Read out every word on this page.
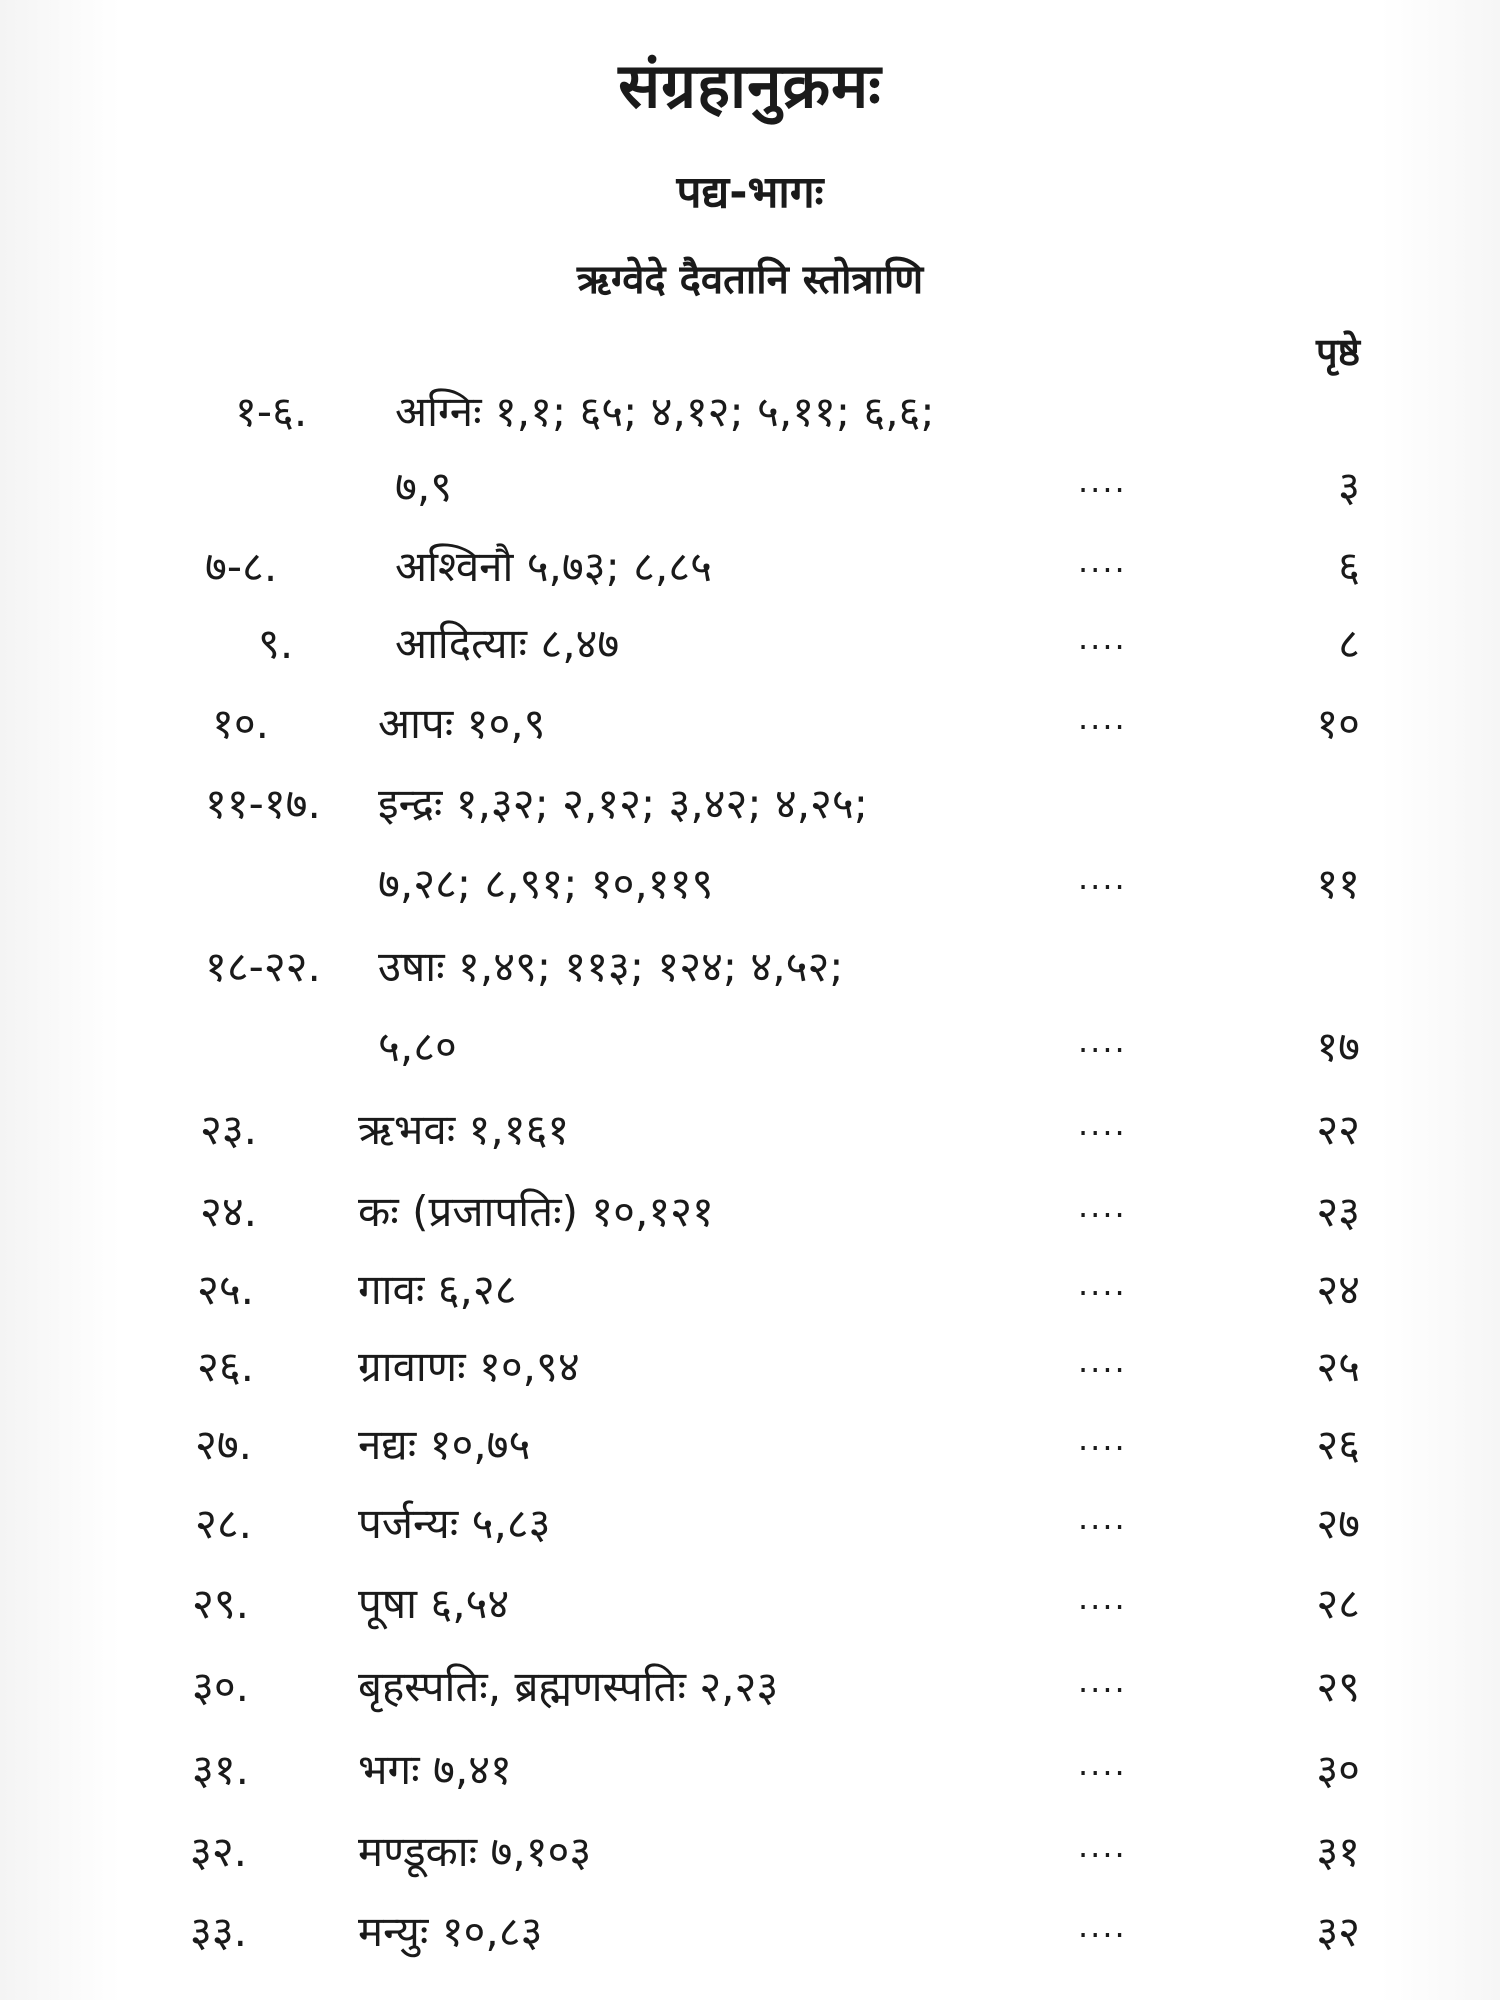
संग्रहानुक्रमः
पद्य-भागः
ऋग्वेदे दैवतानि स्तोत्राणि
पृष्ठे
१-६. अग्निः १,१; ६५; ४,१२; ५,११; ६,६;
७,९	....	३
७-८.	अश्विनौ ५,७३; ८,८५	....	६
९. आदित्याः ८,४७	....	८
१०.	आपः १०,९	....	१०
११-१७. इन्द्रः १,३२; २,१२; ३,४२; ४,२५;
७,२८; ८,९१; १०,११९	....	११
१८-२२. उषाः १,४९; ११३; १२४; ४,५२;
५,८०	....	१७
२३. ऋभवः १,१६१	....	२२
२४. कः (प्रजापतिः) १०,१२१	....	२३
२५. गावः ६,२८	....	२४
२६. ग्रावाणः १०,९४	....	२५
२७.	नद्यः १०,७५	....	२६
२८.	पर्जन्यः ५,८३	....	२७
२९.	पूषा ६,५४	....	२८
३०.	बृहस्पतिः, ब्रह्मणस्पतिः २,२३	....	२९
३१.	भगः ७,४१	....	३०
३२.	मण्डूकाः ७,१०३	....	३१
३३.	मन्युः १०,८३	....	३२
